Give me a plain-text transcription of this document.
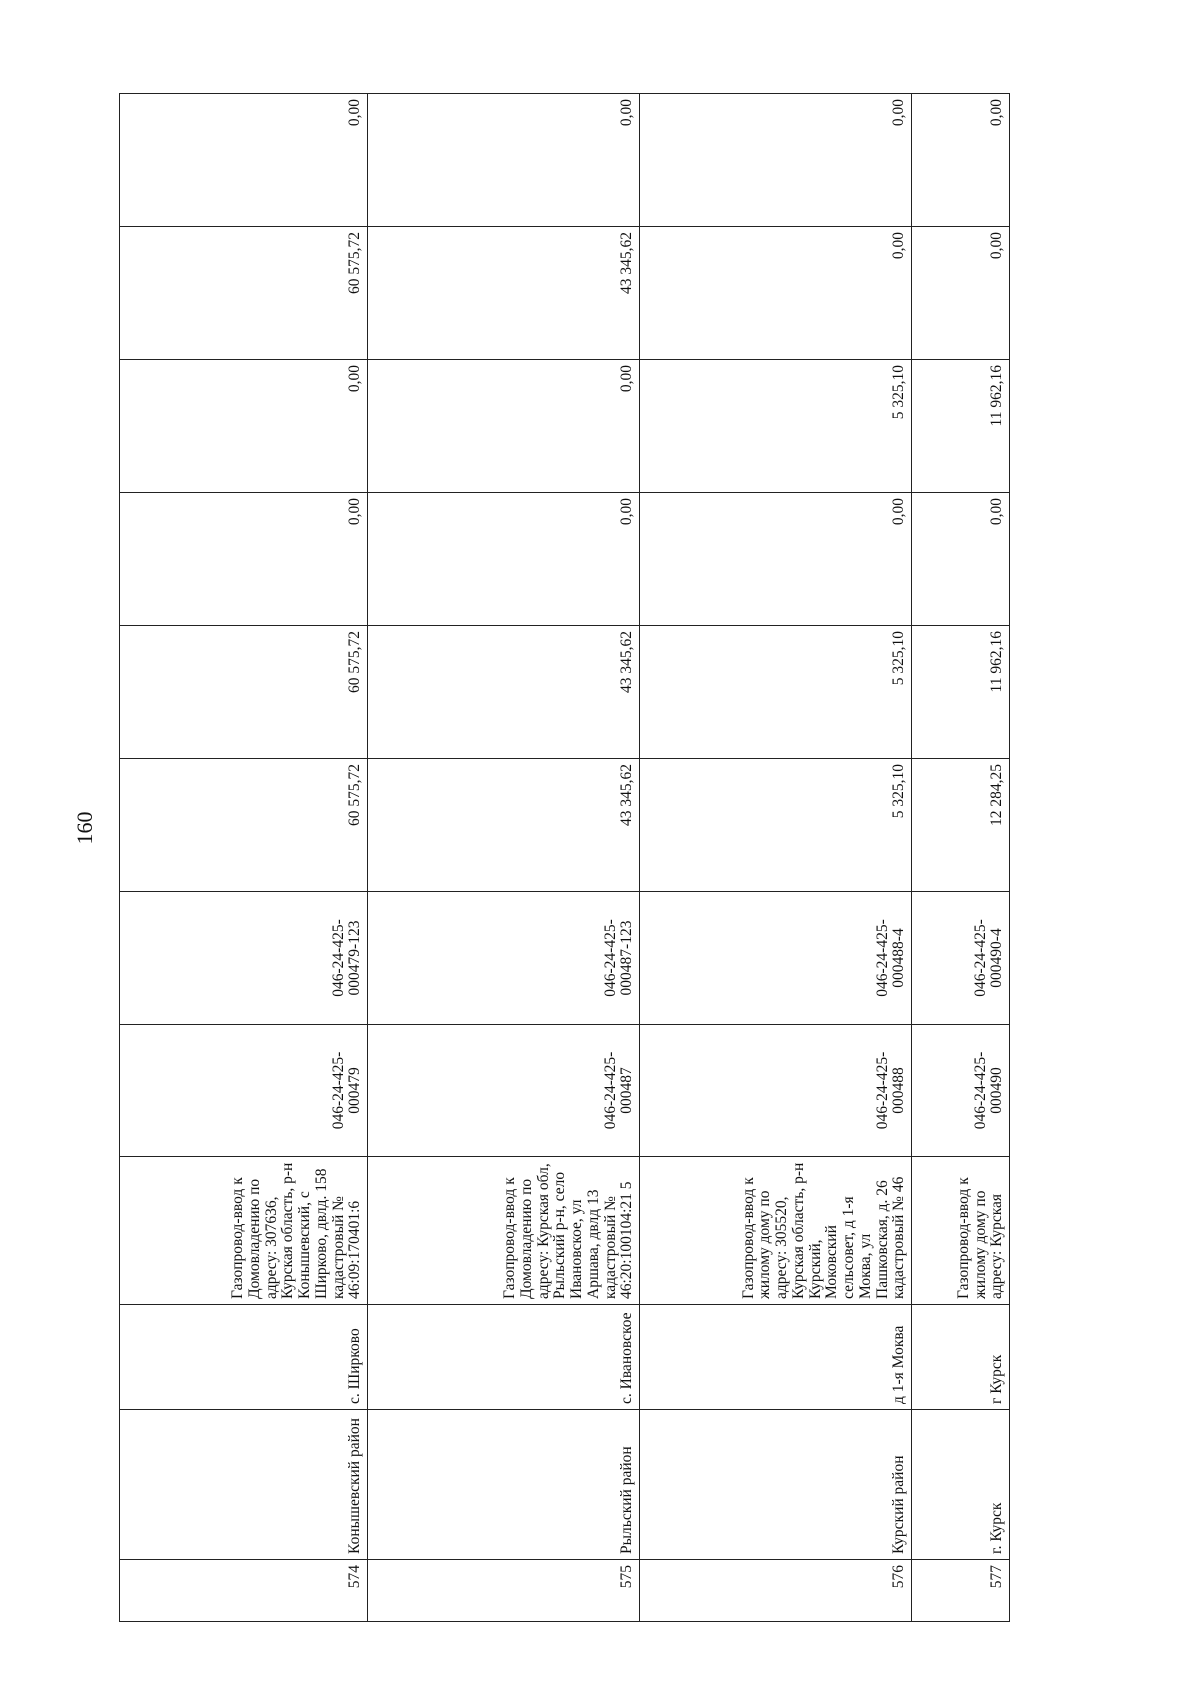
160
574	Конышевский район	с. Ширково	Газопровод-ввод к Домовладению по адресу: 307636, Курская область, р-н Конышевский, с Ширково, двлд. 158 кадастровый № 46:09:170401:6	046-24-425-000479	046-24-425-000479-123	60 575,72	60 575,72	0,00	0,00	60 575,72	0,00
575	Рыльский район	с. Ивановское	Газопровод-ввод к Домовладению по адресу: Курская обл, Рыльский р-н, село Ивановское, ул Аршава, двлд 13 кадастровый № 46:20:100104:21 5	046-24-425-000487	046-24-425-000487-123	43 345,62	43 345,62	0,00	0,00	43 345,62	0,00
576	Курский район	д 1-я Моква	Газопровод-ввод к жилому дому по адресу: 305520, Курская область, р-н Курский, Моковский сельсовет, д 1-я Моква, ул Пашковская, д. 26 кадастровый № 46	046-24-425-000488	046-24-425-000488-4	5 325,10	5 325,10	0,00	5 325,10	0,00	0,00
577	г. Курск	г Курск	Газопровод-ввод к жилому дому по адресу: Курская	046-24-425-000490	046-24-425-000490-4	12 284,25	11 962,16	0,00	11 962,16	0,00	0,00
